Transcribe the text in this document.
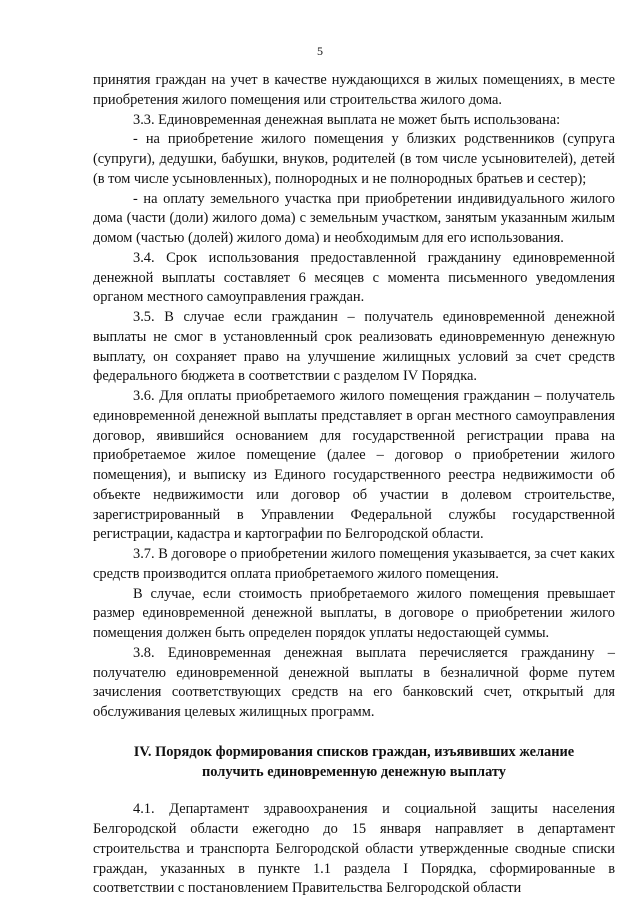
5

принятия граждан на учет в качестве нуждающихся в жилых помещениях, в месте приобретения жилого помещения или строительства жилого дома.

3.3. Единовременная денежная выплата не может быть использована:

- на приобретение жилого помещения у близких родственников (супруга (супруги), дедушки, бабушки, внуков, родителей (в том числе усыновителей), детей (в том числе усыновленных), полнородных и не полнородных братьев и сестер);

- на оплату земельного участка при приобретении индивидуального жилого дома (части (доли) жилого дома) с земельным участком, занятым указанным жилым домом (частью (долей) жилого дома) и необходимым для его использования.

3.4. Срок использования предоставленной гражданину единовременной денежной выплаты составляет 6 месяцев с момента письменного уведомления органом местного самоуправления граждан.

3.5. В случае если гражданин – получатель единовременной денежной выплаты не смог в установленный срок реализовать единовременную денежную выплату, он сохраняет право на улучшение жилищных условий за счет средств федерального бюджета в соответствии с разделом IV Порядка.

3.6. Для оплаты приобретаемого жилого помещения гражданин – получатель единовременной денежной выплаты представляет в орган местного самоуправления договор, явившийся основанием для государственной регистрации права на приобретаемое жилое помещение (далее – договор о приобретении жилого помещения), и выписку из Единого государственного реестра недвижимости об объекте недвижимости или договор об участии в долевом строительстве, зарегистрированный в Управлении Федеральной службы государственной регистрации, кадастра и картографии по Белгородской области.

3.7. В договоре о приобретении жилого помещения указывается, за счет каких средств производится оплата приобретаемого жилого помещения.

В случае, если стоимость приобретаемого жилого помещения превышает размер единовременной денежной выплаты, в договоре о приобретении жилого помещения должен быть определен порядок уплаты недостающей суммы.

3.8. Единовременная денежная выплата перечисляется гражданину – получателю единовременной денежной выплаты в безналичной форме путем зачисления соответствующих средств на его банковский счет, открытый для обслуживания целевых жилищных программ.

IV. Порядок формирования списков граждан, изъявивших желание
получить единовременную денежную выплату

4.1. Департамент здравоохранения и социальной защиты населения Белгородской области ежегодно до 15 января направляет в департамент строительства и транспорта Белгородской области утвержденные сводные списки граждан, указанных в пункте 1.1 раздела I Порядка, сформированные в соответствии с постановлением Правительства Белгородской области
